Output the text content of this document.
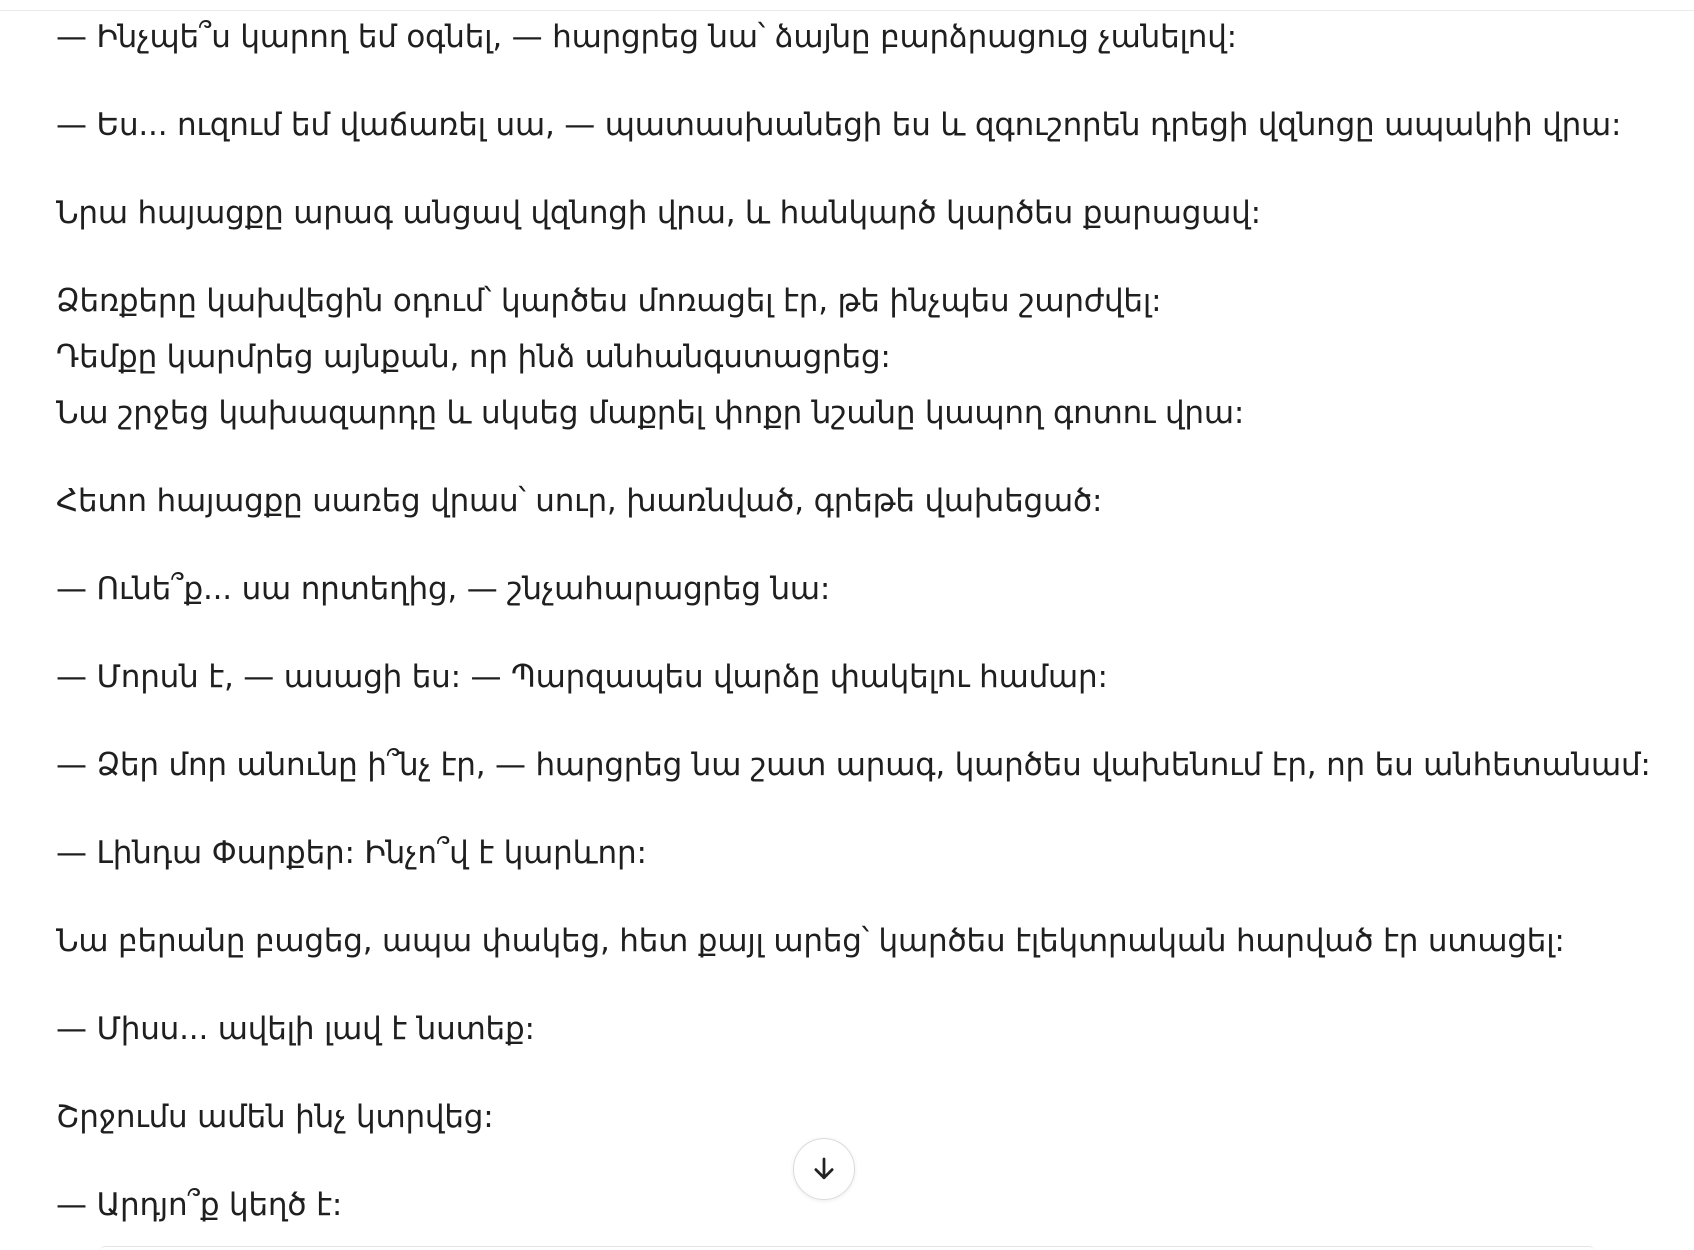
— Ինչպե՞ս կարող եմ օգնել, — հարցրեց նա՝ ձայնը բարձրացուց չանելով:

— Ես... ուզում եմ վաճառել սա, — պատասխանեցի ես և զգուշորեն դրեցի վզնոցը ապակիի վրա:

Նրա հայացքը արագ անցավ վզնոցի վրա, և հանկարծ կարծես քարացավ:

Ձեռքերը կախվեցին օդում՝ կարծես մոռացել էր, թե ինչպես շարժվել:

Դեմքը կարմրեց այնքան, որ ինձ անհանգստացրեց:

Նա շրջեց կախազարդը և սկսեց մաքրել փոքր նշանը կապող գոտու վրա:

Հետո հայացքը սառեց վրաս՝ սուր, խառնված, գրեթե վախեցած:

— Ունե՞ք... սա որտեղից, — շնչահարացրեց նա:

— Մորսն է, — ասացի ես: — Պարզապես վարձը փակելու համար:

— Ձեր մոր անունը ի՞նչ էր, — հարցրեց նա շատ արագ, կարծես վախենում էր, որ ես անհետանամ:

— Լինդա Փարքեր: Ինչո՞վ է կարևոր:

Նա բերանը բացեց, ապա փակեց, հետ քայլ արեց՝ կարծես էլեկտրական հարված էր ստացել:

— Միսս... ավելի լավ է նստեք:

Շրջումս ամեն ինչ կտրվեց:

— Արդյո՞ք կեղծ է:
